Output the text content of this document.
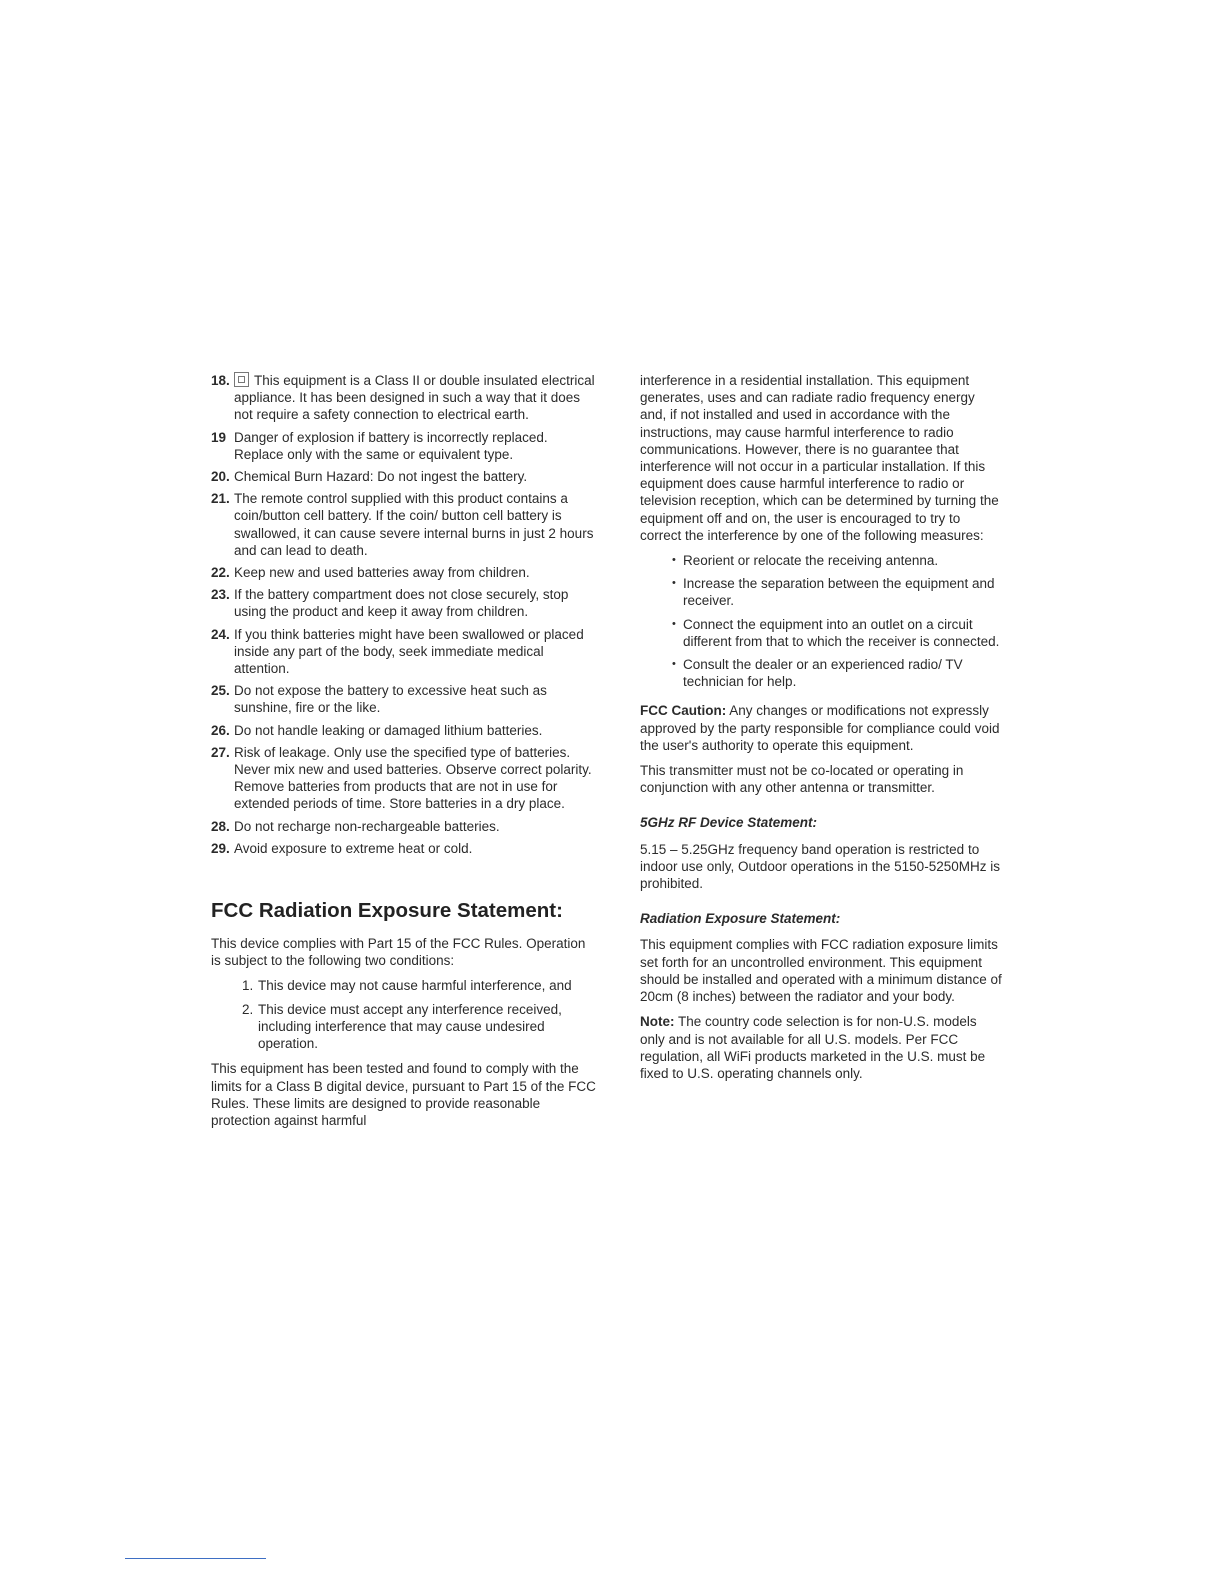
18. This equipment is a Class II or double insulated electrical appliance. It has been designed in such a way that it does not require a safety connection to electrical earth.
19 Danger of explosion if battery is incorrectly replaced. Replace only with the same or equivalent type.
20. Chemical Burn Hazard: Do not ingest the battery.
21. The remote control supplied with this product contains a coin/button cell battery. If the coin/ button cell battery is swallowed, it can cause severe internal burns in just 2 hours and can lead to death.
22. Keep new and used batteries away from children.
23. If the battery compartment does not close securely, stop using the product and keep it away from children.
24. If you think batteries might have been swallowed or placed inside any part of the body, seek immediate medical attention.
25. Do not expose the battery to excessive heat such as sunshine, fire or the like.
26. Do not handle leaking or damaged lithium batteries.
27. Risk of leakage. Only use the specified type of batteries. Never mix new and used batteries. Observe correct polarity. Remove batteries from products that are not in use for extended periods of time. Store batteries in a dry place.
28. Do not recharge non-rechargeable batteries.
29. Avoid exposure to extreme heat or cold.
FCC Radiation Exposure Statement:

This device complies with Part 15 of the FCC Rules. Operation is subject to the following two conditions:

1. This device may not cause harmful interference, and
2. This device must accept any interference received, including interference that may cause undesired operation.

This equipment has been tested and found to comply with the limits for a Class B digital device, pursuant to Part 15 of the FCC Rules. These limits are designed to provide reasonable protection against harmful

interference in a residential installation. This equipment generates, uses and can radiate radio frequency energy and, if not installed and used in accordance with the instructions, may cause harmful interference to radio communications. However, there is no guarantee that interference will not occur in a particular installation. If this equipment does cause harmful interference to radio or television reception, which can be determined by turning the equipment off and on, the user is encouraged to try to correct the interference by one of the following measures:

• Reorient or relocate the receiving antenna.
• Increase the separation between the equipment and receiver.
• Connect the equipment into an outlet on a circuit different from that to which the receiver is connected.
• Consult the dealer or an experienced radio/ TV technician for help.

FCC Caution: Any changes or modifications not expressly approved by the party responsible for compliance could void the user's authority to operate this equipment.

This transmitter must not be co-located or operating in conjunction with any other antenna or transmitter.

5GHz RF Device Statement:

5.15 – 5.25GHz frequency band operation is restricted to indoor use only, Outdoor operations in the 5150-5250MHz is prohibited.

Radiation Exposure Statement:

This equipment complies with FCC radiation exposure limits set forth for an uncontrolled environment. This equipment should be installed and operated with a minimum distance of 20cm (8 inches) between the radiator and your body.

Note: The country code selection is for non-U.S. models only and is not available for all U.S. models. Per FCC regulation, all WiFi products marketed in the U.S. must be fixed to U.S. operating channels only.
